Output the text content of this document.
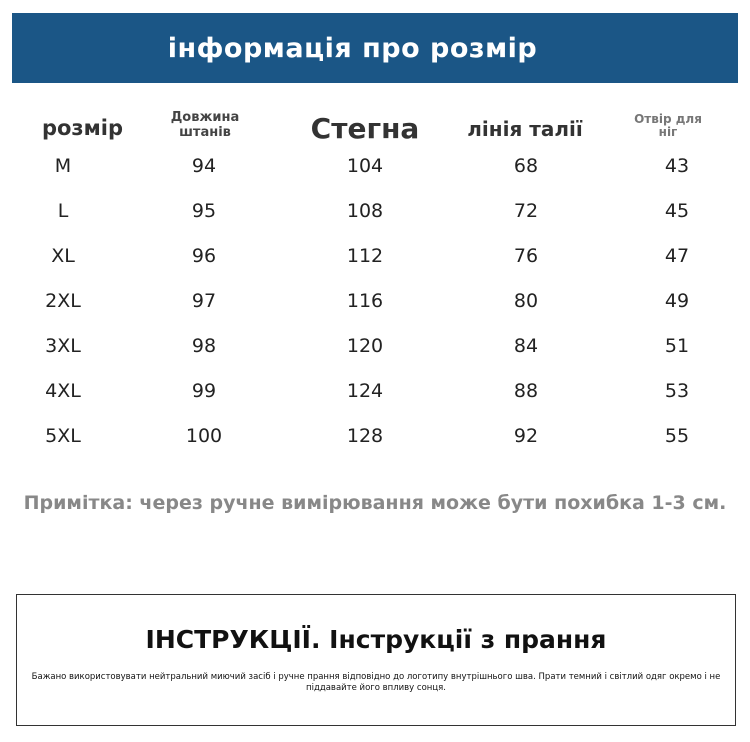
інформація про розмір
розмір	Довжина штанів	Стегна	лінія талії	Отвір для ніг
M	94	104	68	43
L	95	108	72	45
XL	96	112	76	47
2XL	97	116	80	49
3XL	98	120	84	51
4XL	99	124	88	53
5XL	100	128	92	55
Примітка: через ручне вимірювання може бути похибка 1-3 см.
ІНСТРУКЦІЇ. Інструкції з прання
Бажано використовувати нейтральний миючий засіб і ручне прання відповідно до логотипу внутрішнього шва. Прати темний і світлий одяг окремо і не піддавайте його впливу сонця.
